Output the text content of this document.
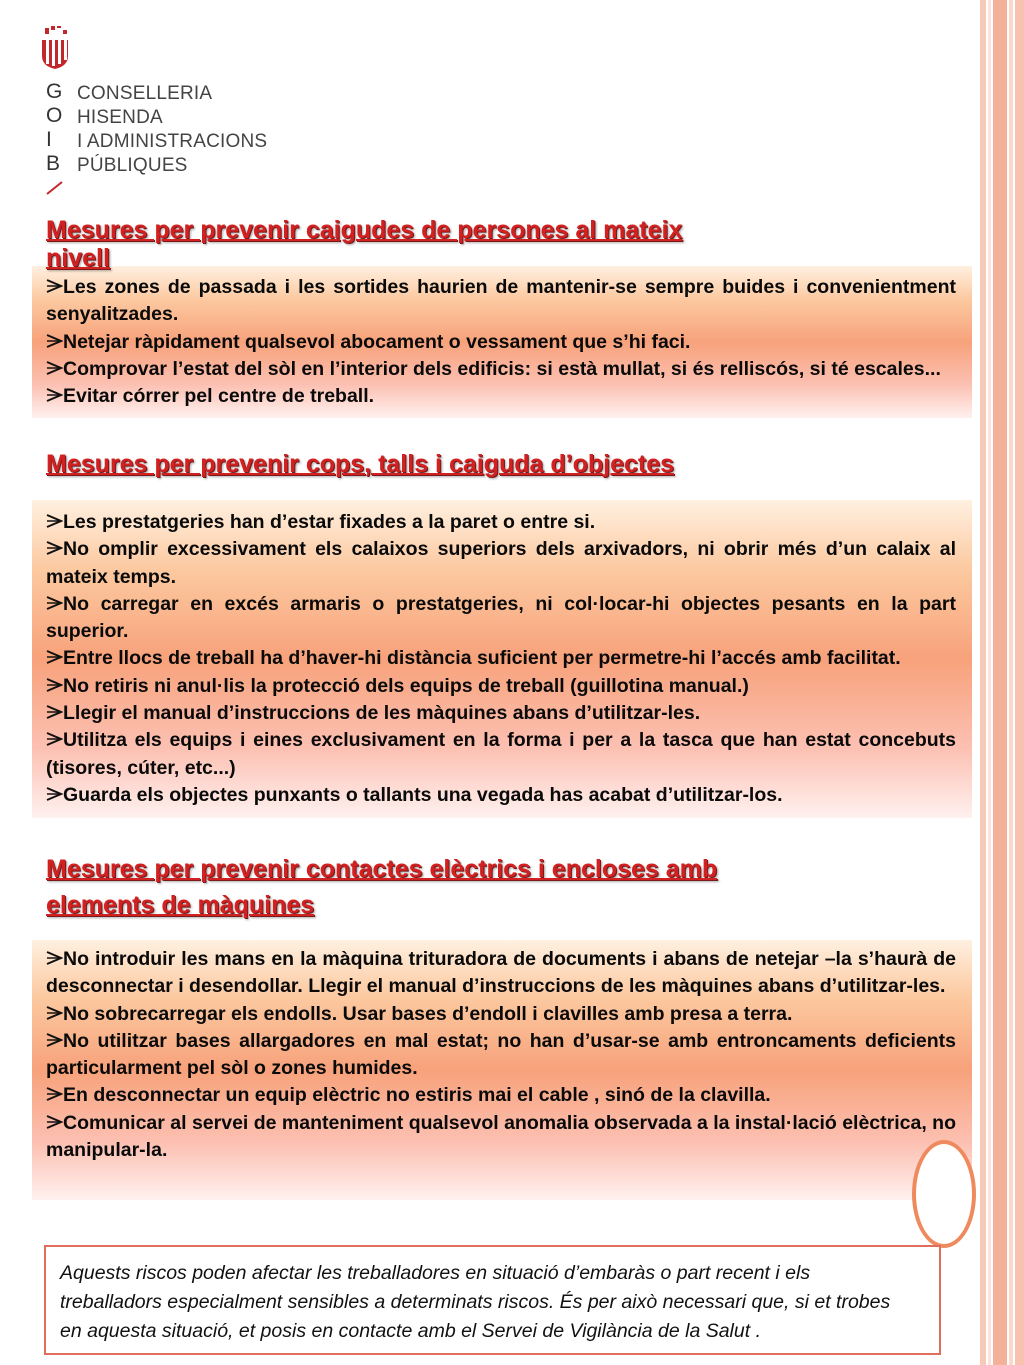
G
O
I
B
CONSELLERIA
HISENDA
I ADMINISTRACIONS
PÚBLIQUES
Mesures per prevenir caigudes de persones al mateix
nivell
Les zones de passada i les sortides haurien de mantenir-se sempre buides i convenientment senyalitzades.
Netejar ràpidament qualsevol abocament o vessament que s’hi faci.
Comprovar l’estat del sòl en l’interior dels edificis: si està mullat, si és relliscós, si té escales...
Evitar córrer pel centre de treball.
Mesures per prevenir cops, talls i caiguda d’objectes
Les prestatgeries han d’estar fixades a la paret o entre si.
No omplir excessivament els calaixos superiors dels arxivadors, ni obrir més d’un calaix al mateix temps.
No carregar en excés armaris o prestatgeries, ni col·locar-hi objectes pesants en la part superior.
Entre llocs de treball ha d’haver-hi distància suficient per permetre-hi l’accés amb facilitat.
No retiris ni anul·lis la protecció dels equips de treball (guillotina manual.)
Llegir el manual d’instruccions de les màquines abans d’utilitzar-les.
Utilitza els equips i eines exclusivament en la forma i per a la tasca que han estat concebuts (tisores, cúter, etc...)
Guarda els objectes punxants o tallants una vegada has acabat d’utilitzar-los.
Mesures per prevenir contactes elèctrics i encloses amb
elements de màquines
No introduir les mans en la màquina trituradora de documents i abans de netejar –la s’haurà de desconnectar i desendollar. Llegir el manual d’instruccions de les màquines abans d’utilitzar-les.
No sobrecarregar els endolls. Usar bases d’endoll i clavilles amb presa a terra.
No utilitzar bases allargadores en mal estat; no han d’usar-se amb entroncaments deficients particularment pel sòl o zones humides.
En desconnectar un equip elèctric no estiris mai el cable , sinó de la clavilla.
Comunicar al servei de manteniment qualsevol anomalia observada a la instal·lació elèctrica, no manipular-la.

Aquests riscos poden afectar les treballadores en situació d’embaràs o part recent i els treballadors especialment sensibles a determinats riscos. És per això necessari que, si et trobes en aquesta situació, et posis en contacte amb el Servei de Vigilància de la Salut .
